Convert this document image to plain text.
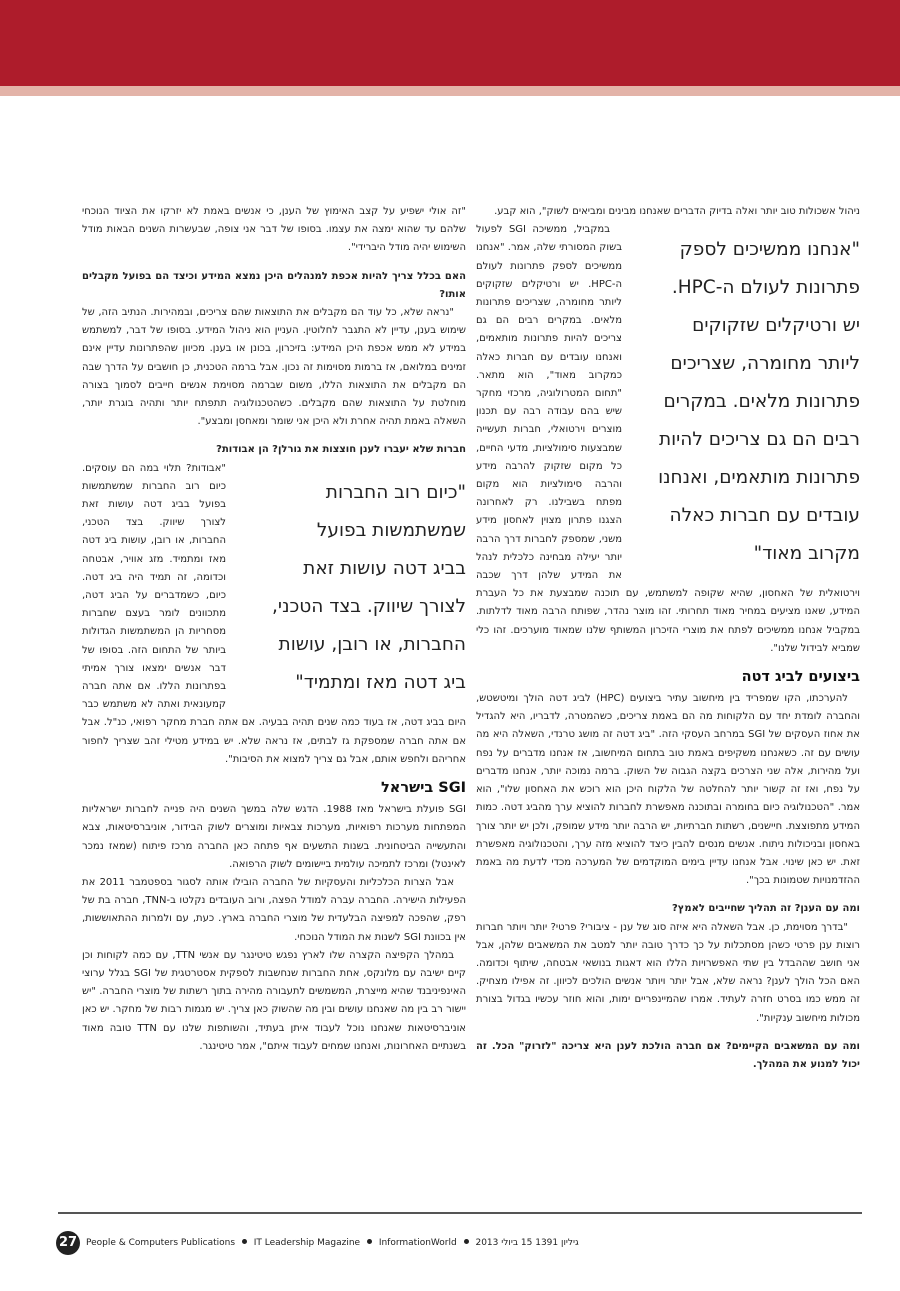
ניהול אשכולות טוב יותר ואלה בדיוק הדברים שאנחנו מבינים ומביאים לשוק", הוא קבע.

"אנחנו ממשיכים לספק
פתרונות לעולם ה-HPC.
יש ורטיקלים שזקוקים
ליותר מחומרה, שצריכים
פתרונות מלאים. במקרים
רבים הם גם צריכים להיות
פתרונות מותאמים, ואנחנו
עובדים עם חברות כאלה
מקרוב מאוד"

במקביל, ממשיכה SGI לפעול בשוק המסורתי שלה, אמר. "אנחנו ממשיכים לספק פתרונות לעולם ה-HPC. יש ורטיקלים שזקוקים ליותר מחומרה, שצריכים פתרונות מלאים. במקרים רבים הם גם צריכים להיות פתרונות מותאמים, ואנחנו עובדים עם חברות כאלה כמקרוב מאוד", הוא מתאר. "תחום המטרולוגיה, מרכזי מחקר שיש בהם עבודה רבה עם תכנון מוצרים וירטואלי, חברות תעשייה שמבצעות סימולציות, מדעי החיים, כל מקום שזקוק להרבה מידע והרבה סימולציות הוא מקום מפתח בשבילנו. רק לאחרונה הצגנו פתרון מצוין לאחסון מידע משני, שמספק לחברות דרך הרבה יותר יעילה מבחינה כלכלית לנהל את המידע שלהן דרך שכבה וירטואלית של האחסון, שהיא שקופה למשתמש, עם תוכנה שמבצעת את כל העברת המידע, שאנו מציעים במחיר מאוד תחרותי. זהו מוצר נהדר, שפותח הרבה מאוד לדלתות. במקביל אנחנו ממשיכים לפתח את מוצרי הזיכרון המשותף שלנו שמאוד מוערכים. זהו כלי שמביא לבידול שלנו".

ביצועים לביג דטה

להערכתו, הקו שמפריד בין מיחשוב עתיר ביצועים (HPC) לביג דטה הולך ומיטשטש, והחברה לומדת יחד עם הלקוחות מה הם באמת צריכים, כשהמטרה, לדבריו, היא להגדיל את אחוז העסקים של SGI במרחב העסקי הזה. "ביג דטה זה מושג טרנדי, השאלה היא מה עושים עם זה. כשאנחנו משקיפים באמת טוב בתחום המיחשוב, אז אנחנו מדברים על נפח ועל מהירות, אלה שני הצרכים בקצה הגבוה של השוק. ברמה נמוכה יותר, אנחנו מדברים על נפח, ואז זה קשור יותר להחלטה של הלקוח היכן הוא רוכש את האחסון שלו", הוא אמר. "הטכנולוגיה כיום בחומרה ובתוכנה מאפשרת לחברות להוציא ערך מהביג דטה. כמות המידע מתפוצצת. חיישנים, רשתות חברתיות, יש הרבה יותר מידע שמופק, ולכן יש יותר צורך באחסון ובניכולות ניתוח. אנשים מנסים להבין כיצד להוציא מזה ערך, והטכנולוגיה מאפשרת זאת. יש כאן שינוי. אבל אנחנו עדיין בימים המוקדמים של המערכה מכדי לדעת מה באמת ההזדמנויות שטמונות בכך".

ומה עם הענן? זה תהליך שחייבים לאמץ?

"בדרך מסוימת, כן. אבל השאלה היא איזה סוג של ענן - ציבורי? פרטי? יותר ויותר חברות רוצות ענן פרטי כשהן מסתכלות על כך כדרך טובה יותר למטב את המשאבים שלהן, אבל אני חושב שההבדל בין שתי האפשרויות הללו הוא דאגות בנושאי אבטחה, שיתוף וכדומה. האם הכל הולך לענן? נראה שלא, אבל יותר ויותר אנשים הולכים לכיוון. זה אפילו מצחיק. זה ממש כמו בסרט חזרה לעתיד. אמרו שהמיינפריים ימות, והוא חוזר עכשיו בגדול בצורת מכולות מיחשוב ענקיות".

ומה עם המשאבים הקיימים? אם חברה הולכת לענן היא צריכה "לזרוק" הכל. זה יכול למנוע את המהלך.

"זה אולי ישפיע על קצב האימוץ של הענן, כי אנשים באמת לא יזרקו את הציוד הנוכחי שלהם עד שהוא ימצה את עצמו. בסופו של דבר אני צופה, שבעשרות השנים הבאות מודל השימוש יהיה מודל היברידי".

האם בכלל צריך להיות אכפת למנהלים היכן נמצא המידע וכיצד הם בפועל מקבלים אותו?

"נראה שלא, כל עוד הם מקבלים את התוצאות שהם צריכים, ובמהירות. הנתיב הזה, של שימוש בענן, עדיין לא התגבר לחלוטין. העניין הוא ניהול המידע. בסופו של דבר, למשתמש במידע לא ממש אכפת היכן המידע: בזיכרון, בכונן או בענן. מכיוון שהפתרונות עדיין אינם זמינים במלואם, אז ברמות מסוימות זה נכון. אבל ברמה הטכנית, כן חושבים על הדרך שבה הם מקבלים את התוצאות הללו, משום שברמה מסוימת אנשים חייבים לסמוך בצורה מוחלטת על התוצאות שהם מקבלים. כשהטכנולוגיה תתפתח יותר ותהיה בוגרת יותר, השאלה באמת תהיה אחרת ולא היכן אני שומר ומאחסן ומבצע".

חברות שלא יעברו לענן חוצצות את גורלן? הן אבודות?
"כיום רוב החברות
שמשתמשות בפועל
בביג דטה עושות זאת
לצורך שיווק. בצד הטכני,
החברות, או רובן, עושות
ביג דטה מאז ומתמיד"

"אבודות? תלוי במה הם עוסקים. כיום רוב החברות שמשתמשות בפועל בביג דטה עושות זאת לצורך שיווק. בצד הטכני, החברות, או רובן, עושות ביג דטה מאז ומתמיד. מזג אוויר, אבטחה וכדומה, זה תמיד היה ביג דטה. כיום, כשמדברים על הביג דטה, מתכוונים לומר בעצם שחברות מסחריות הן המשתמשות הגדולות ביותר של התחום הזה. בסופו של דבר אנשים ימצאו צורך אמיתי בפתרונות הללו. אם אתה חברה קמעונאית ואתה לא משתמש כבר היום בביג דטה, אז בעוד כמה שנים תהיה בבעיה. אם אתה חברת מחקר רפואי, כנ"ל. אבל אם אתה חברה שמספקת גז לבתים, אז נראה שלא. יש במידע מטילי זהב שצריך לחפור אחריהם ולחפש אותם, אבל גם צריך למצוא את הסיבות".

SGI בישראל

SGI פועלת בישראל מאז 1988. הדגש שלה במשך השנים היה פנייה לחברות ישראליות המפתחות מערכות רפואיות, מערכות צבאיות ומוצרים לשוק הבידור, אוניברסיטאות, צבא והתעשייה הביטחונית. בשנות התשעים אף פתחה כאן החברה מרכז פיתוח (שמאז נמכר לאינטל) ומרכז לתמיכה עולמית ביישומים לשוק הרפואה.

אבל הצרות הכלכליות והעסקיות של החברה הובילו אותה לסגור בספטמבר 2011 את הפעילות הישירה. החברה עברה למודל הפצה, ורוב העובדים נקלטו ב-TNN, חברה בת של רפק, שהפכה למפיצה הבלעדית של מוצרי החברה בארץ. כעת, עם ולמרות ההתאוששות, אין בכוונת SGI לשנות את המודל הנוכחי.

במהלך הקפיצה הקצרה שלו לארץ נפגש טיטינגר עם אנשי TTN, עם כמה לקוחות וכן קיים ישיבה עם מלונקס, אחת החברות שנחשבות לספקית אסטרטגית של SGI בגלל ערוצי האינפיניבנד שהיא מייצרת, המשמשים לתעבורה מהירה בתוך רשתות של מוצרי החברה. "יש יישור רב בין מה שאנחנו עושים ובין מה שהשוק כאן צריך. יש מגמות רבות של מחקר. יש כאן אוניברסיטאות שאנחנו נוכל לעבוד איתן בעתיד, והשותפות שלנו עם TTN טובה מאוד בשנתיים האחרונות, ואנחנו שמחים לעבוד איתם", אמר טיטינגר.

27 People & Computers Publications IT Leadership Magazine InformationWorld גיליון 1391 15 ביולי 2013
